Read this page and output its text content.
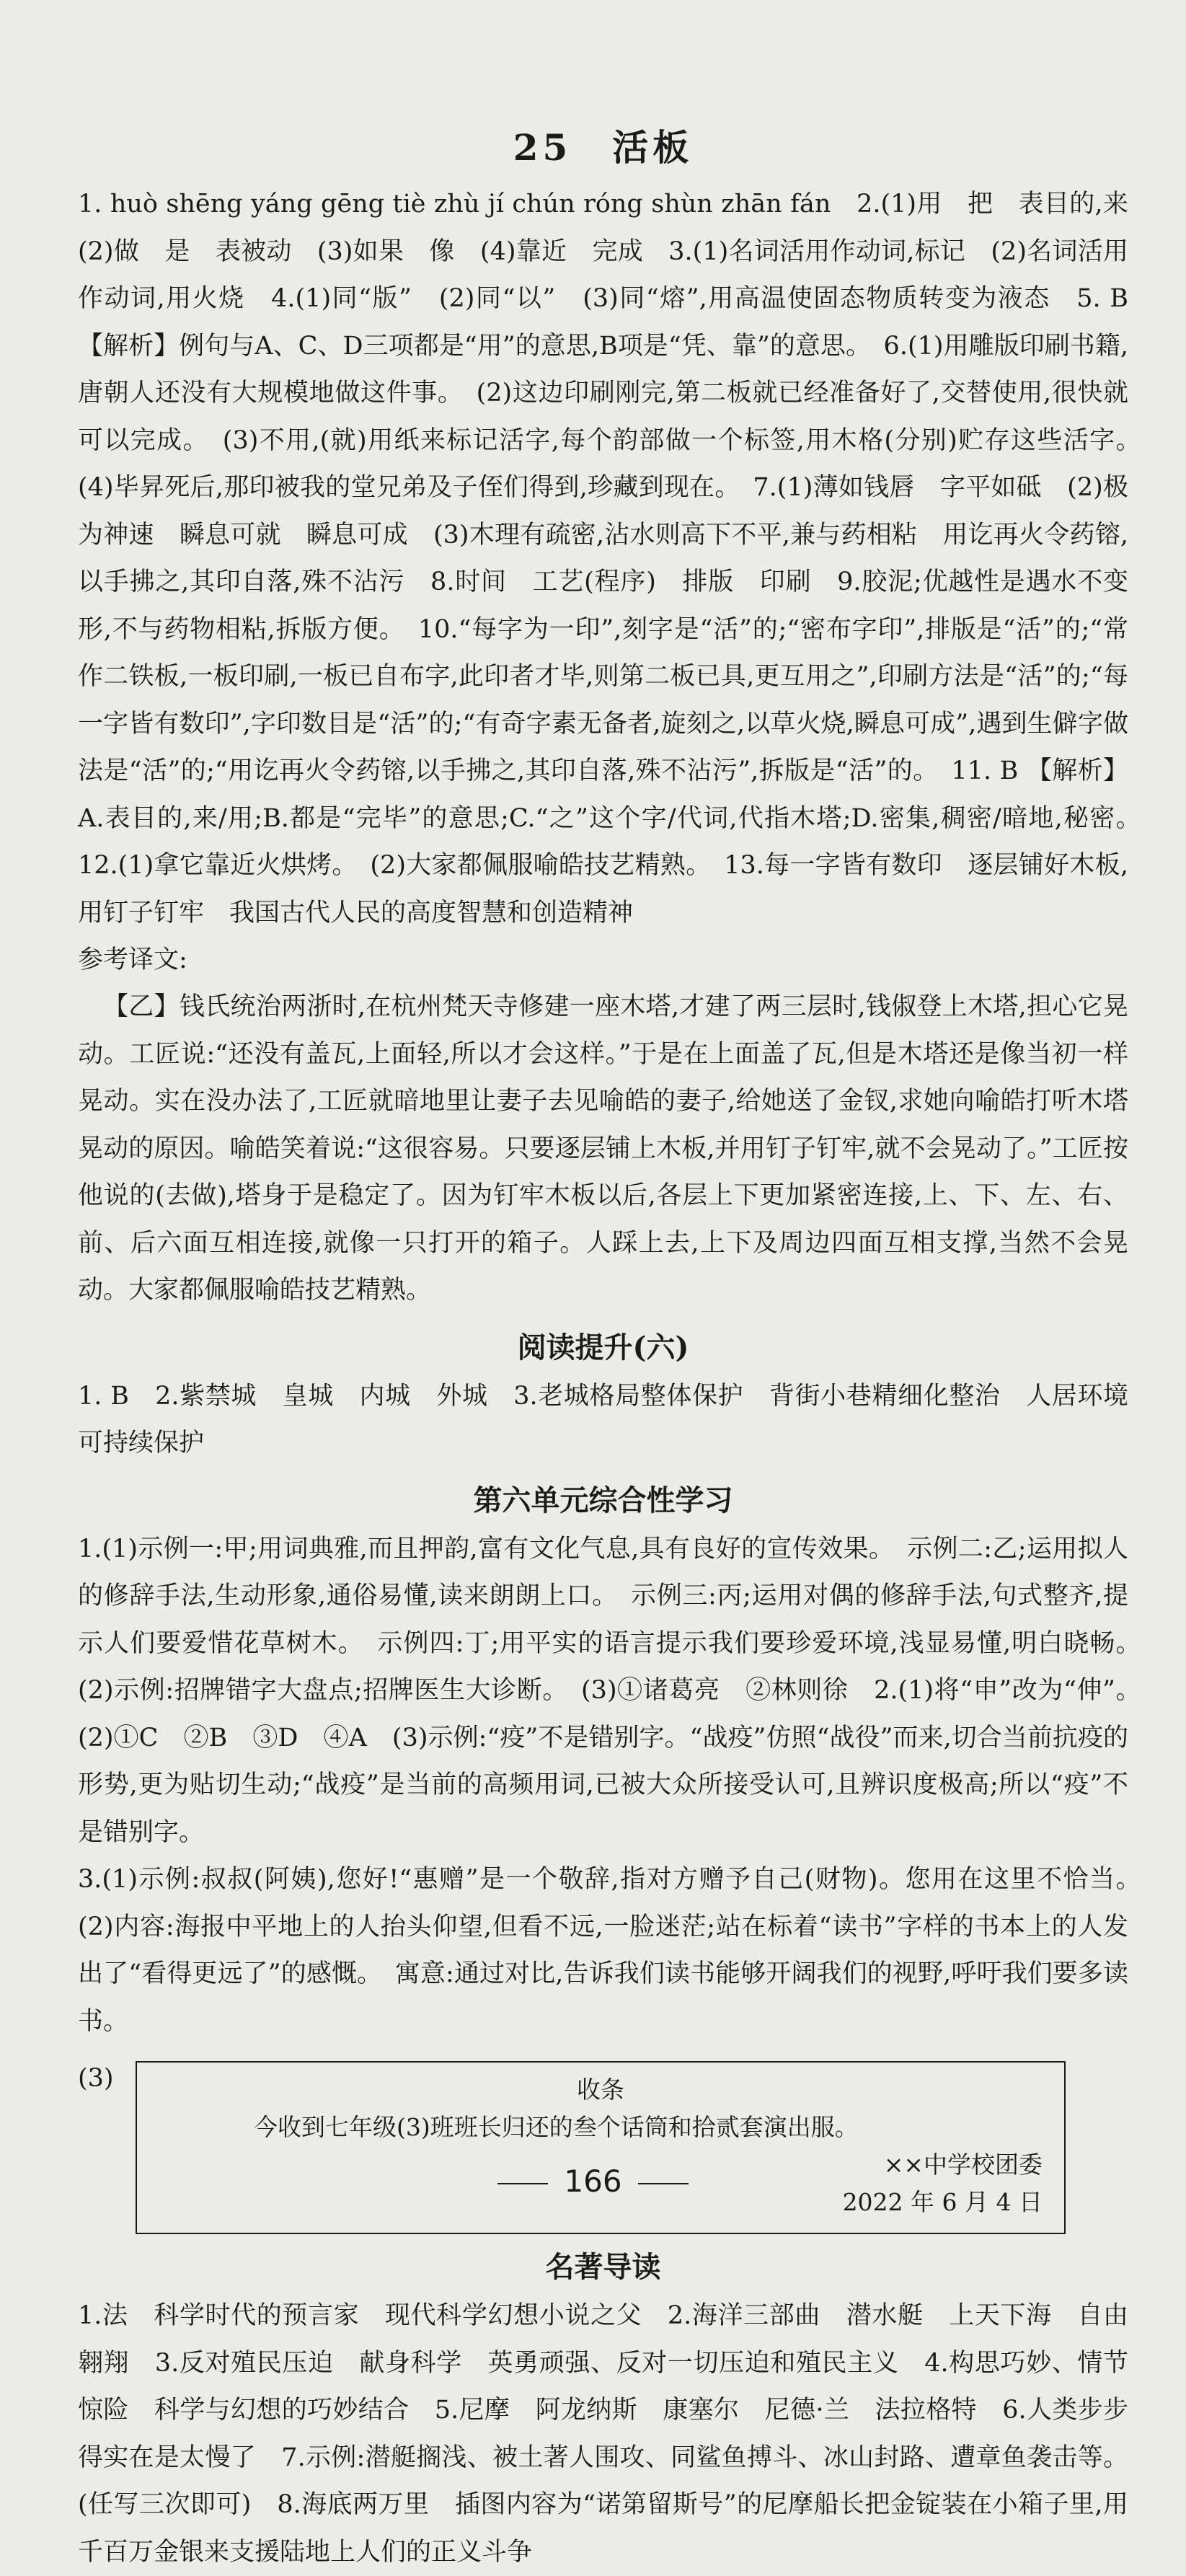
25　活板

1. huò shēng yáng gēng tiè zhù jí chún róng shùn zhān fán　2.(1)用　把　表目的,来　(2)做　是　表被动　(3)如果　像　(4)靠近　完成　3.(1)名词活用作动词,标记　(2)名词活用作动词,用火烧　4.(1)同“版”　(2)同“以”　(3)同“熔”,用高温使固态物质转变为液态　5. B 【解析】例句与A、C、D三项都是“用”的意思,B项是“凭、靠”的意思。　6.(1)用雕版印刷书籍,唐朝人还没有大规模地做这件事。　(2)这边印刷刚完,第二板就已经准备好了,交替使用,很快就可以完成。　(3)不用,(就)用纸来标记活字,每个韵部做一个标签,用木格(分别)贮存这些活字。　(4)毕昇死后,那印被我的堂兄弟及子侄们得到,珍藏到现在。　7.(1)薄如钱唇　字平如砥　(2)极为神速　瞬息可就　瞬息可成　(3)木理有疏密,沾水则高下不平,兼与药相粘　用讫再火令药镕,以手拂之,其印自落,殊不沾污　8.时间　工艺(程序)　排版　印刷　9.胶泥;优越性是遇水不变形,不与药物相粘,拆版方便。　10.“每字为一印”,刻字是“活”的;“密布字印”,排版是“活”的;“常作二铁板,一板印刷,一板已自布字,此印者才毕,则第二板已具,更互用之”,印刷方法是“活”的;“每一字皆有数印”,字印数目是“活”的;“有奇字素无备者,旋刻之,以草火烧,瞬息可成”,遇到生僻字做法是“活”的;“用讫再火令药镕,以手拂之,其印自落,殊不沾污”,拆版是“活”的。　11. B 【解析】A.表目的,来/用;B.都是“完毕”的意思;C.“之”这个字/代词,代指木塔;D.密集,稠密/暗地,秘密。　12.(1)拿它靠近火烘烤。　(2)大家都佩服喻皓技艺精熟。　13.每一字皆有数印　逐层铺好木板,用钉子钉牢　我国古代人民的高度智慧和创造精神

参考译文:

【乙】钱氏统治两浙时,在杭州梵天寺修建一座木塔,才建了两三层时,钱俶登上木塔,担心它晃动。工匠说:“还没有盖瓦,上面轻,所以才会这样。”于是在上面盖了瓦,但是木塔还是像当初一样晃动。实在没办法了,工匠就暗地里让妻子去见喻皓的妻子,给她送了金钗,求她向喻皓打听木塔晃动的原因。喻皓笑着说:“这很容易。只要逐层铺上木板,并用钉子钉牢,就不会晃动了。”工匠按他说的(去做),塔身于是稳定了。因为钉牢木板以后,各层上下更加紧密连接,上、下、左、右、前、后六面互相连接,就像一只打开的箱子。人踩上去,上下及周边四面互相支撑,当然不会晃动。大家都佩服喻皓技艺精熟。

阅读提升(六)

1. B　2.紫禁城　皇城　内城　外城　3.老城格局整体保护　背街小巷精细化整治　人居环境可持续保护

第六单元综合性学习

1.(1)示例一:甲;用词典雅,而且押韵,富有文化气息,具有良好的宣传效果。　示例二:乙;运用拟人的修辞手法,生动形象,通俗易懂,读来朗朗上口。　示例三:丙;运用对偶的修辞手法,句式整齐,提示人们要爱惜花草树木。　示例四:丁;用平实的语言提示我们要珍爱环境,浅显易懂,明白晓畅。　(2)示例:招牌错字大盘点;招牌医生大诊断。　(3)①诸葛亮　②林则徐　2.(1)将“申”改为“伸”。　(2)①C　②B　③D　④A　(3)示例:“疫”不是错别字。“战疫”仿照“战役”而来,切合当前抗疫的形势,更为贴切生动;“战疫”是当前的高频用词,已被大众所接受认可,且辨识度极高;所以“疫”不是错别字。

3.(1)示例:叔叔(阿姨),您好!“惠赠”是一个敬辞,指对方赠予自己(财物)。您用在这里不恰当。　(2)内容:海报中平地上的人抬头仰望,但看不远,一脸迷茫;站在标着“读书”字样的书本上的人发出了“看得更远了”的感慨。　寓意:通过对比,告诉我们读书能够开阔我们的视野,呼吁我们要多读书。

(3)	收条
今收到七年级(3)班班长归还的叁个话筒和拾贰套演出服。
××中学校团委
2022 年 6 月 4 日
名著导读

1.法　科学时代的预言家　现代科学幻想小说之父　2.海洋三部曲　潜水艇　上天下海　自由翱翔　3.反对殖民压迫　献身科学　英勇顽强、反对一切压迫和殖民主义　4.构思巧妙、情节惊险　科学与幻想的巧妙结合　5.尼摩　阿龙纳斯　康塞尔　尼德·兰　法拉格特　6.人类步步得实在是太慢了　7.示例:潜艇搁浅、被土著人围攻、同鲨鱼搏斗、冰山封路、遭章鱼袭击等。(任写三次即可)　8.海底两万里　插图内容为“诺第留斯号”的尼摩船长把金锭装在小箱子里,用千百万金银来支援陆地上人们的正义斗争

166
